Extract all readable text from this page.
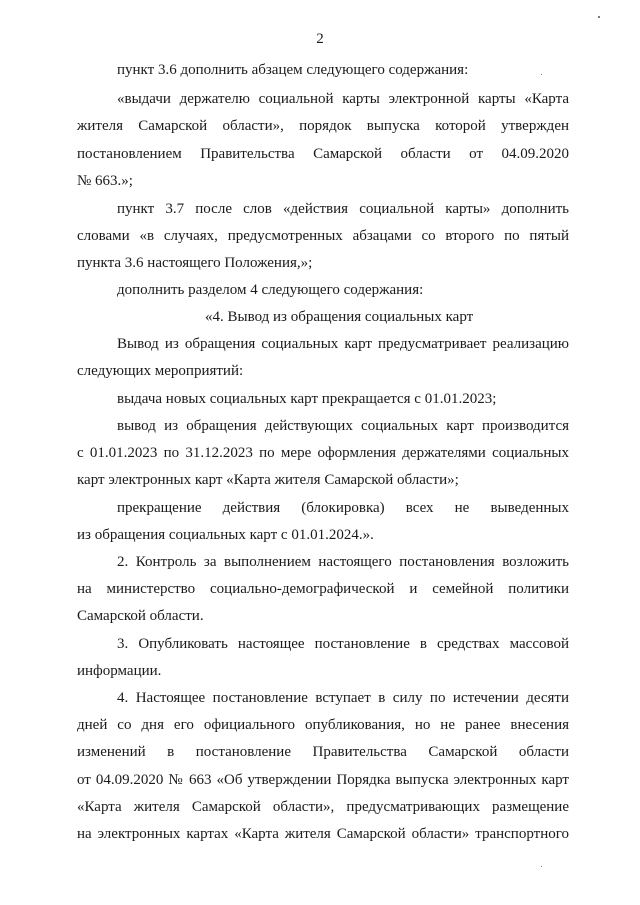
2
пункт 3.6 дополнить абзацем следующего содержания:
«выдачи держателю социальной карты электронной карты «Карта
жителя Самарской области», порядок выпуска которой утвержден
постановлением Правительства Самарской области от 04.09.2020
№ 663.»;
пункт 3.7 после слов «действия социальной карты» дополнить
словами «в случаях, предусмотренных абзацами со второго по пятый
пункта 3.6 настоящего Положения,»;
дополнить разделом 4 следующего содержания:
«4. Вывод из обращения социальных карт
Вывод из обращения социальных карт предусматривает реализацию
следующих мероприятий:
выдача новых социальных карт прекращается с 01.01.2023;
вывод из обращения действующих социальных карт производится
с 01.01.2023 по 31.12.2023 по мере оформления держателями социальных
карт электронных карт «Карта жителя Самарской области»;
прекращение действия (блокировка) всех не выведенных
из обращения социальных карт с 01.01.2024.».
2. Контроль за выполнением настоящего постановления возложить
на министерство социально-демографической и семейной политики
Самарской области.
3. Опубликовать настоящее постановление в средствах массовой
информации.
4. Настоящее постановление вступает в силу по истечении десяти
дней со дня его официального опубликования, но не ранее внесения
изменений в постановление Правительства Самарской области
от 04.09.2020 № 663 «Об утверждении Порядка выпуска электронных карт
«Карта жителя Самарской области», предусматривающих размещение
на электронных картах «Карта жителя Самарской области» транспортного
